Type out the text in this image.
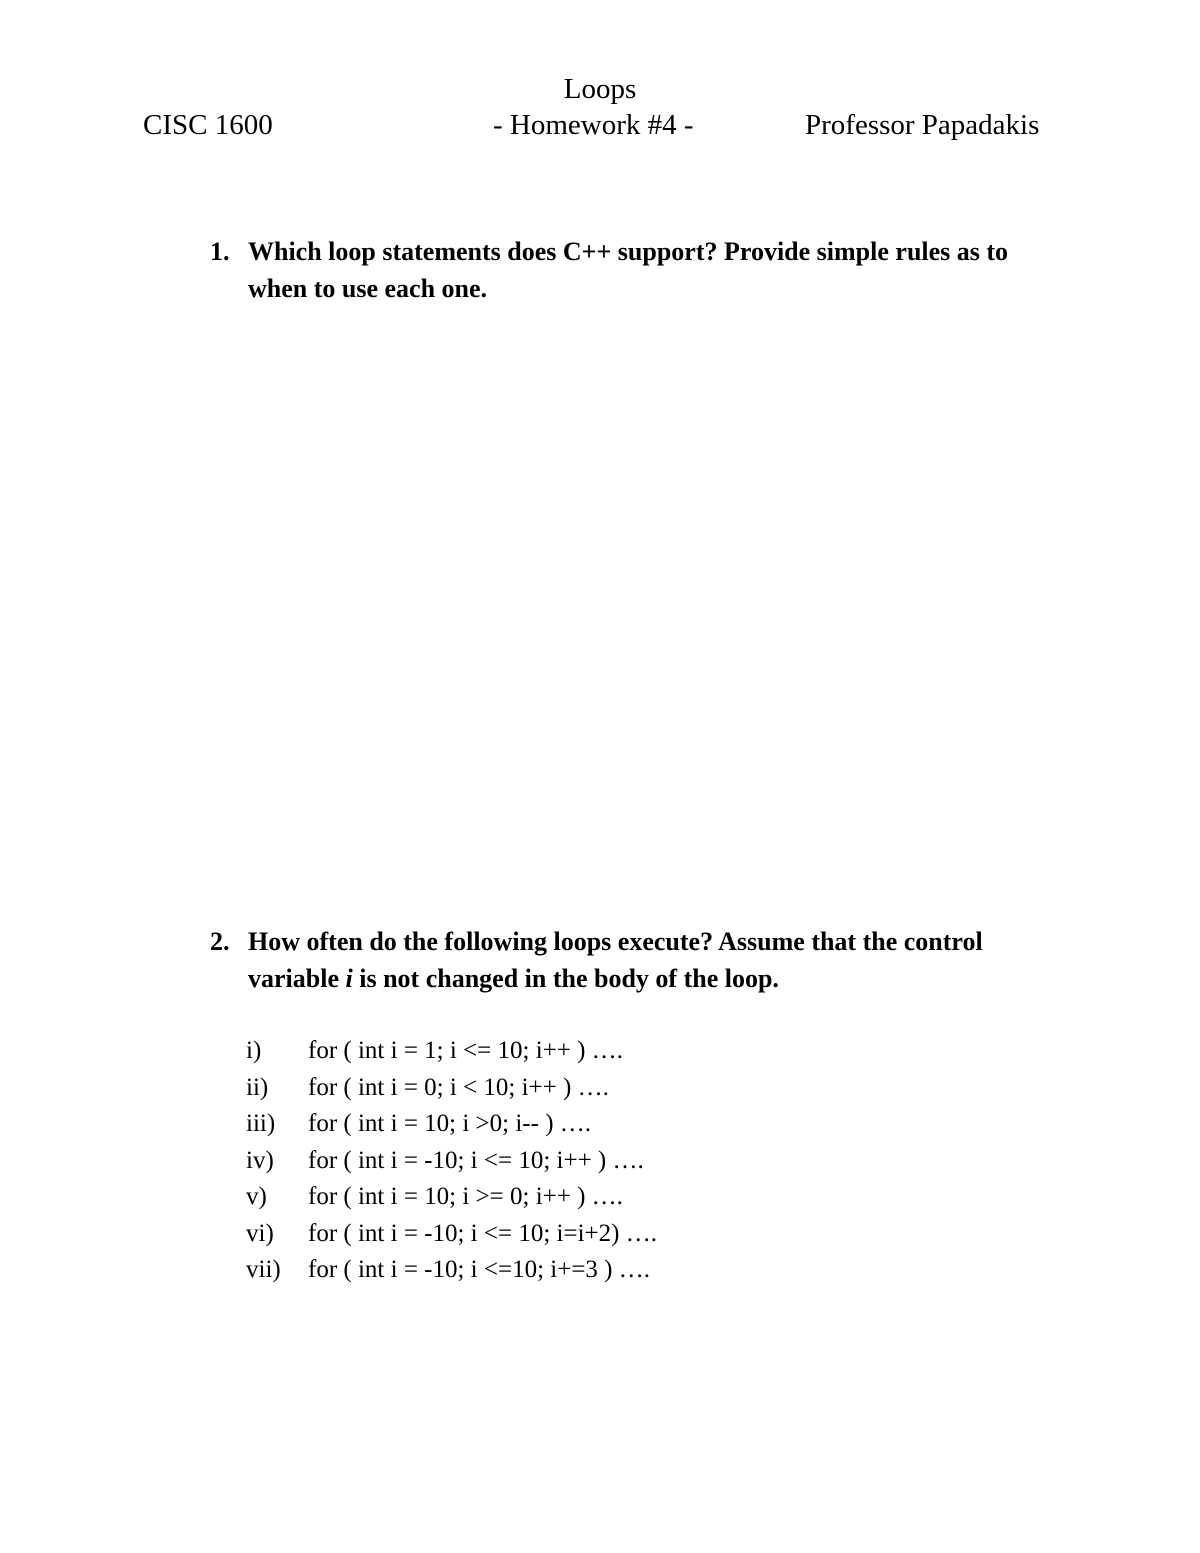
Loops
CISC 1600	- Homework #4 -	Professor Papadakis
1. Which loop statements does C++ support? Provide simple rules as to when to use each one.
2. How often do the following loops execute? Assume that the control variable i is not changed in the body of the loop.
i) for ( int i = 1; i <= 10; i++ ) ….
ii) for ( int i = 0; i < 10; i++ ) ….
iii) for ( int i = 10; i >0; i-- ) ….
iv) for ( int i = -10; i <= 10; i++ ) ….
v) for ( int i = 10; i >= 0; i++ ) ….
vi) for ( int i = -10; i <= 10; i=i+2) ….
vii) for ( int i = -10; i <=10; i+=3 ) ….
